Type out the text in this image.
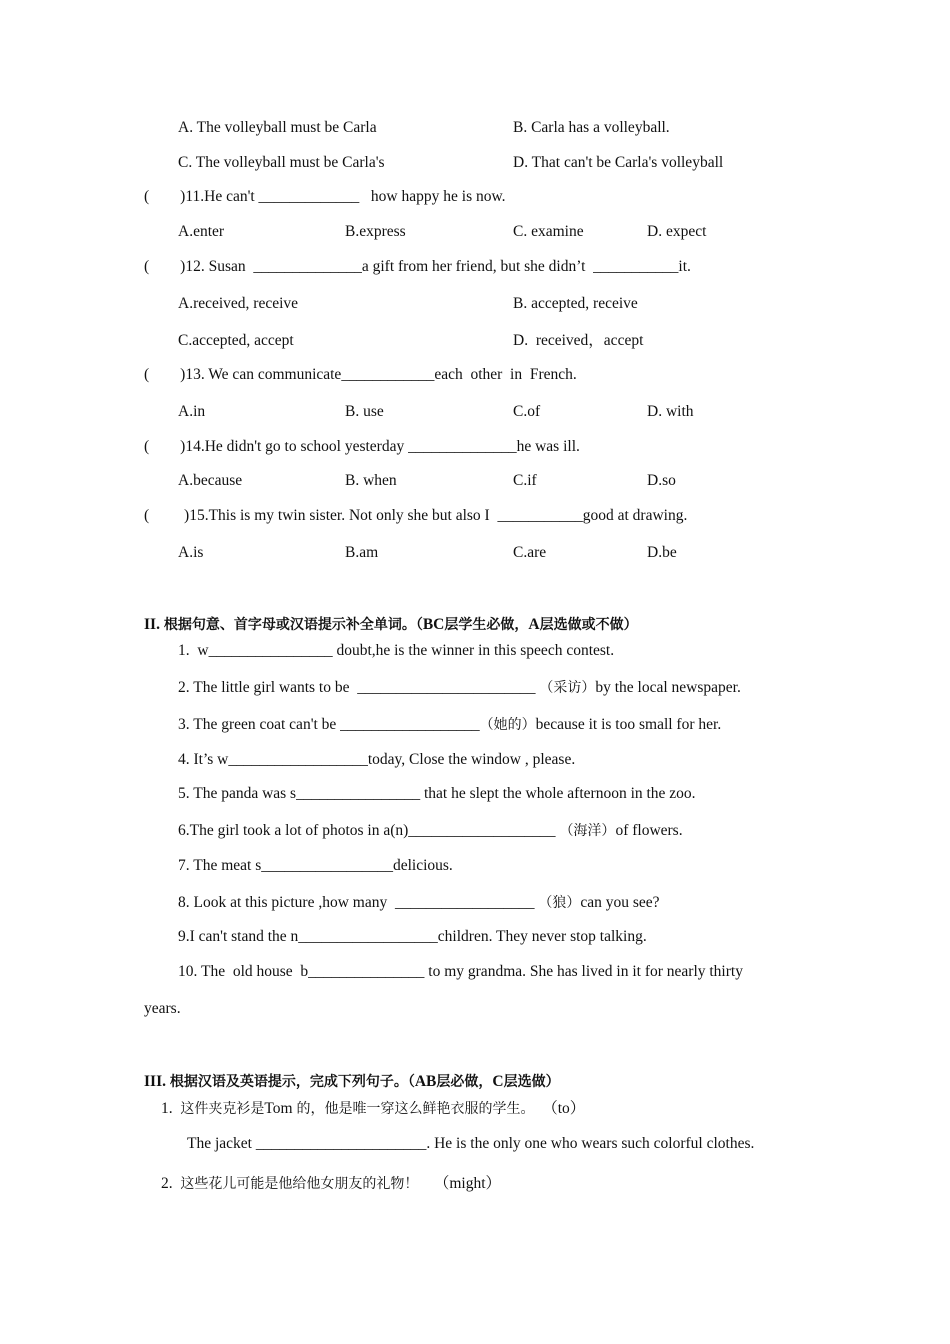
A. The volleyball must be Carla	B. Carla has a volleyball.
C. The volleyball must be Carla's	D. That can't be Carla's volleyball
(        )11.He can't _____________   how happy he is now.
A.enter	B.express	C. examine	D. expect
(        )12. Susan  ______________a gift from her friend, but she didn’t  ___________it.
A.received, receive	B. accepted, receive
C.accepted, accept	D.  received，accept
(        )13. We can communicate____________each  other  in  French.
A.in	B. use	C.of	D. with
(        )14.He didn't go to school yesterday ______________he was ill.
A.because	B. when	C.if	D.so
(         )15.This is my twin sister. Not only she but also I  ___________good at drawing.
A.is	B.am	C.are	D.be
II. 根据句意、首字母或汉语提示补全单词。（BC层学生必做，A层选做或不做）
1.  w________________ doubt,he is the winner in this speech contest.
2. The little girl wants to be  _______________________ （采访）by the local newspaper.
3. The green coat can't be __________________（她的）because it is too small for her.
4. It’s w__________________today, Close the window , please.
5. The panda was s________________ that he slept the whole afternoon in the zoo.
6.The girl took a lot of photos in a(n)___________________ （海洋）of flowers.
7. The meat s_________________delicious.
8. Look at this picture ,how many  __________________ （狼）can you see?
9.I can't stand the n__________________children. They never stop talking.
10. The  old house  b_______________ to my grandma. She has lived in it for nearly thirty
years.
III. 根据汉语及英语提示，完成下列句子。（AB层必做，C层选做）
1. 这件夹克衫是Tom 的，他是唯一穿这么鲜艳衣服的学生。 （to）
The jacket ______________________. He is the only one who wears such colorful clothes.
2. 这些花儿可能是他给他女朋友的礼物！ （might）
